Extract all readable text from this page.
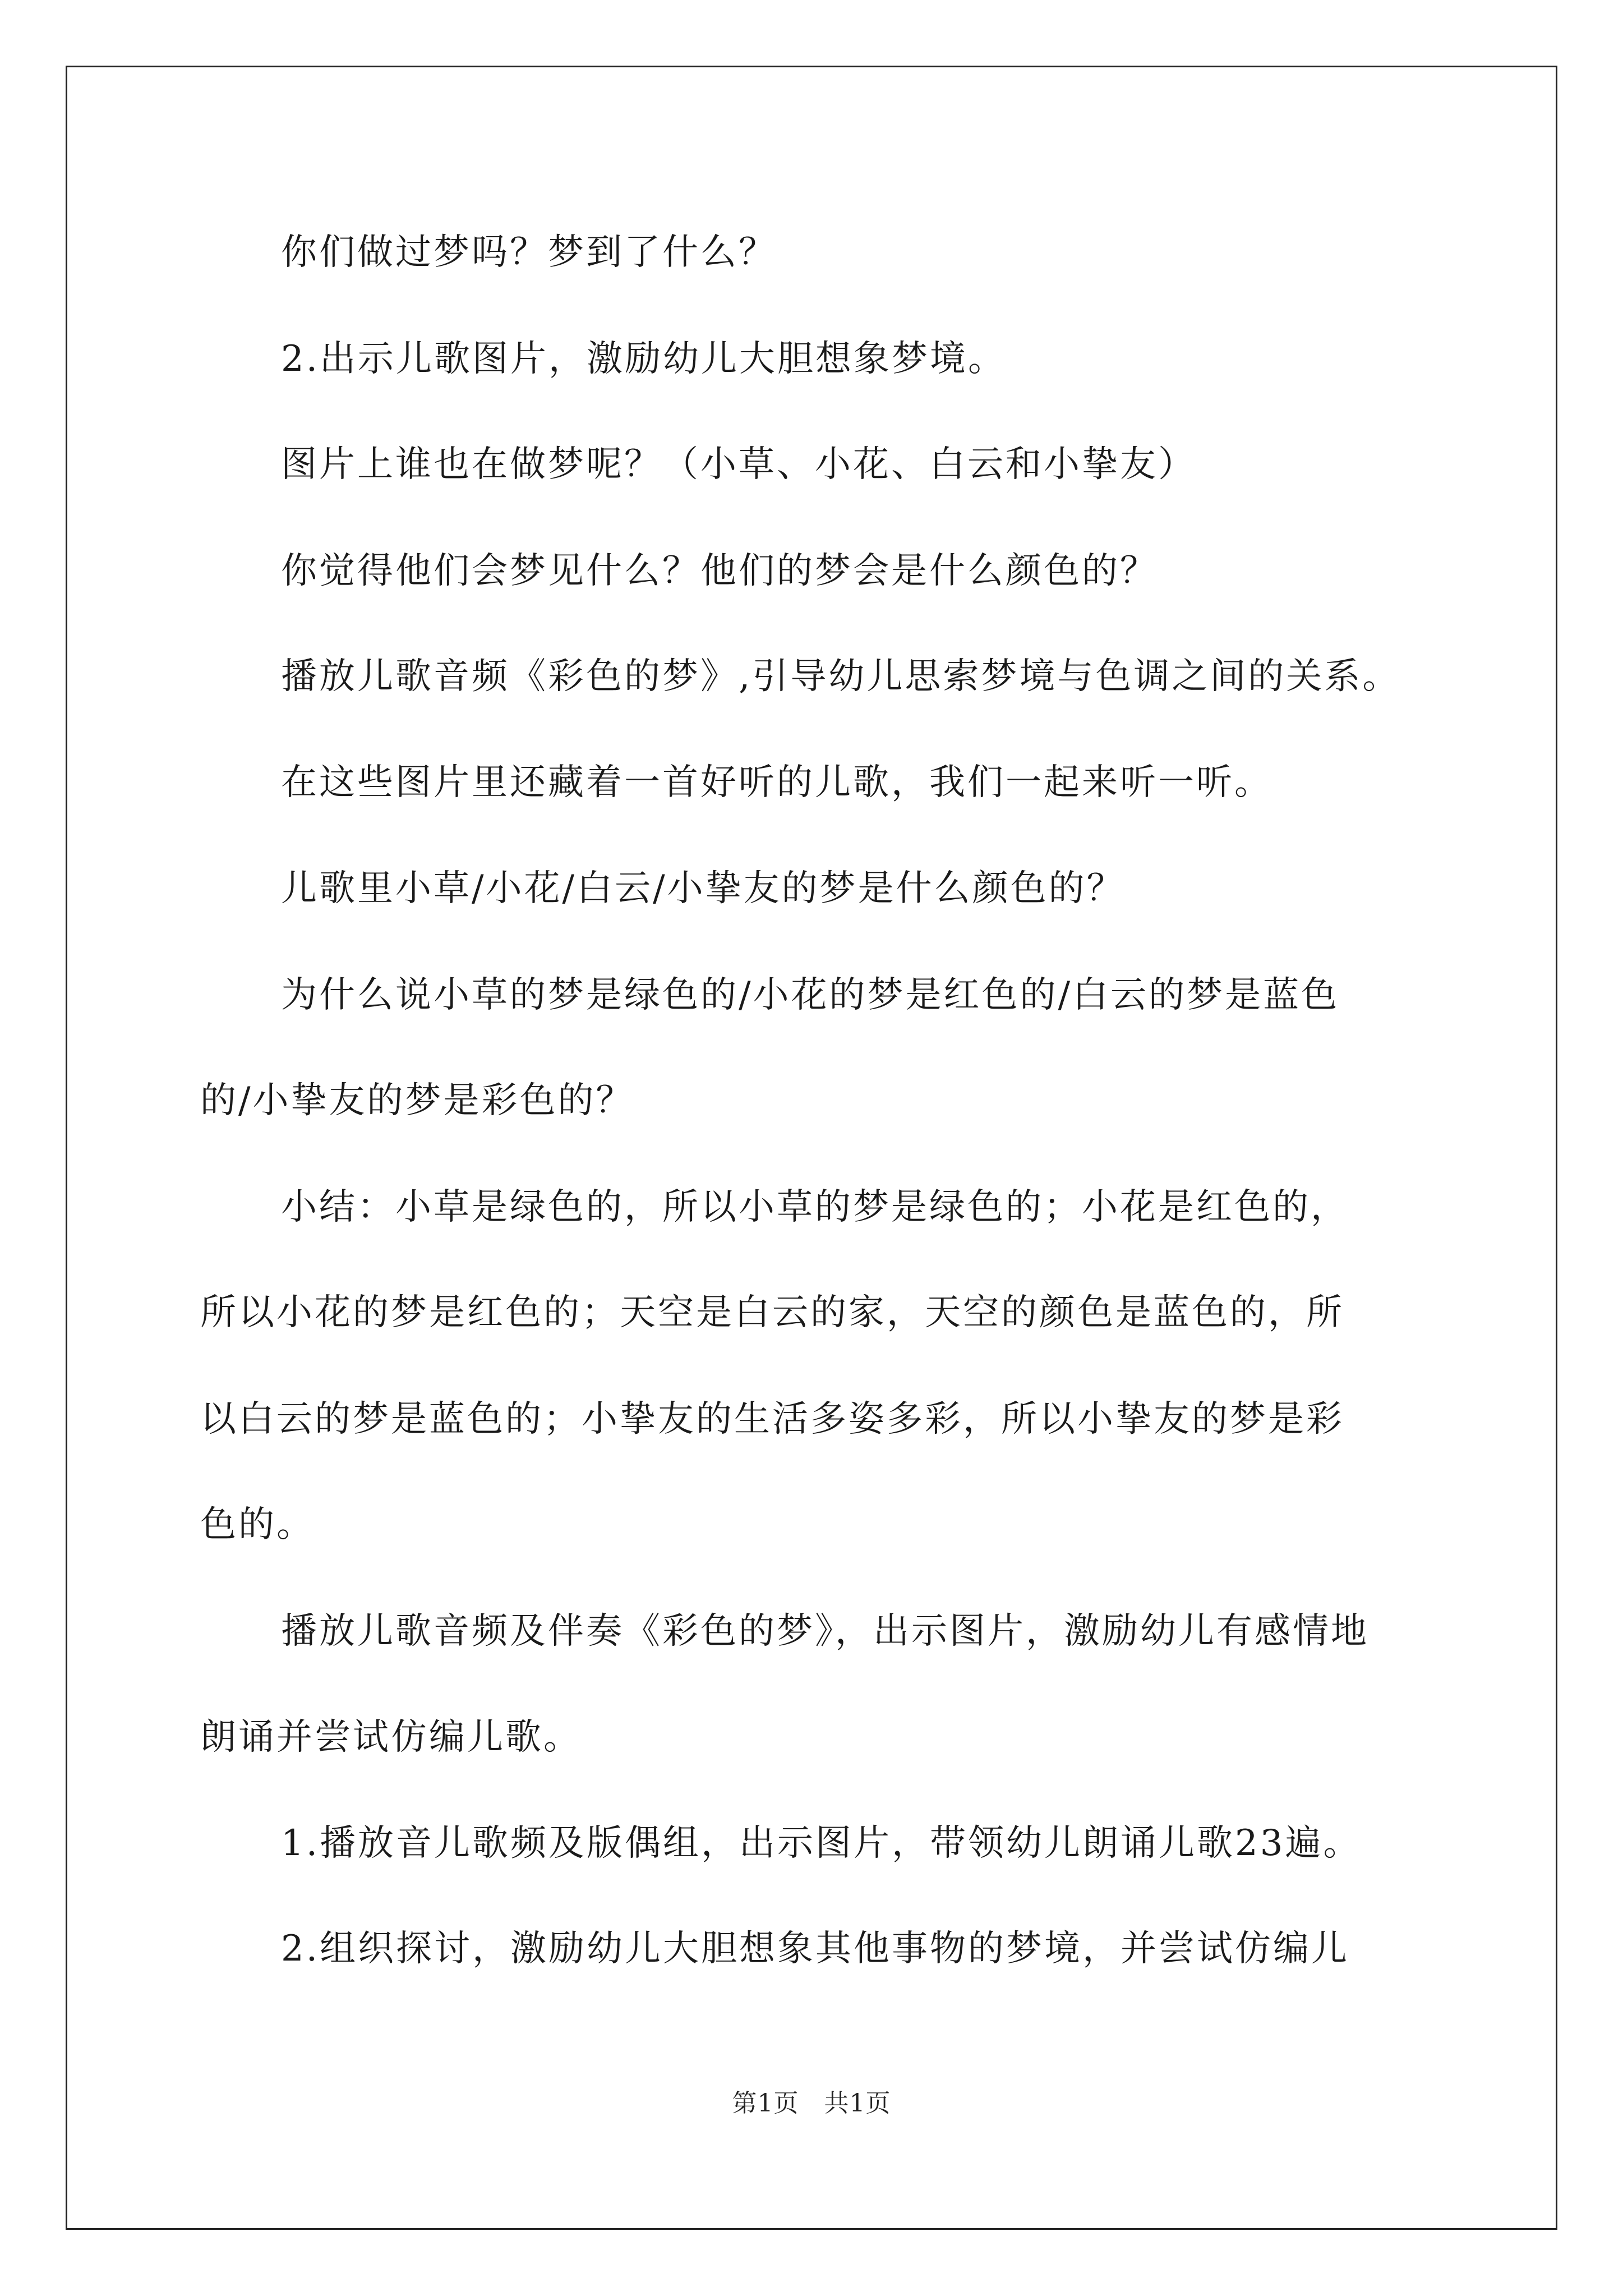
你们做过梦吗？梦到了什么？
2.出示儿歌图片，激励幼儿大胆想象梦境。
图片上谁也在做梦呢？（小草、小花、白云和小挚友）
你觉得他们会梦见什么？他们的梦会是什么颜色的？
播放儿歌音频《彩色的梦》,引导幼儿思索梦境与色调之间的关系。
在这些图片里还藏着一首好听的儿歌，我们一起来听一听。
儿歌里小草/小花/白云/小挚友的梦是什么颜色的？
为什么说小草的梦是绿色的/小花的梦是红色的/白云的梦是蓝色
的/小挚友的梦是彩色的？
小结：小草是绿色的，所以小草的梦是绿色的；小花是红色的，
所以小花的梦是红色的；天空是白云的家，天空的颜色是蓝色的，所
以白云的梦是蓝色的；小挚友的生活多姿多彩，所以小挚友的梦是彩
色的。
播放儿歌音频及伴奏《彩色的梦》，出示图片，激励幼儿有感情地
朗诵并尝试仿编儿歌。
1.播放音儿歌频及版偶组，出示图片，带领幼儿朗诵儿歌23遍。
2.组织探讨，激励幼儿大胆想象其他事物的梦境，并尝试仿编儿
第1页　共1页
